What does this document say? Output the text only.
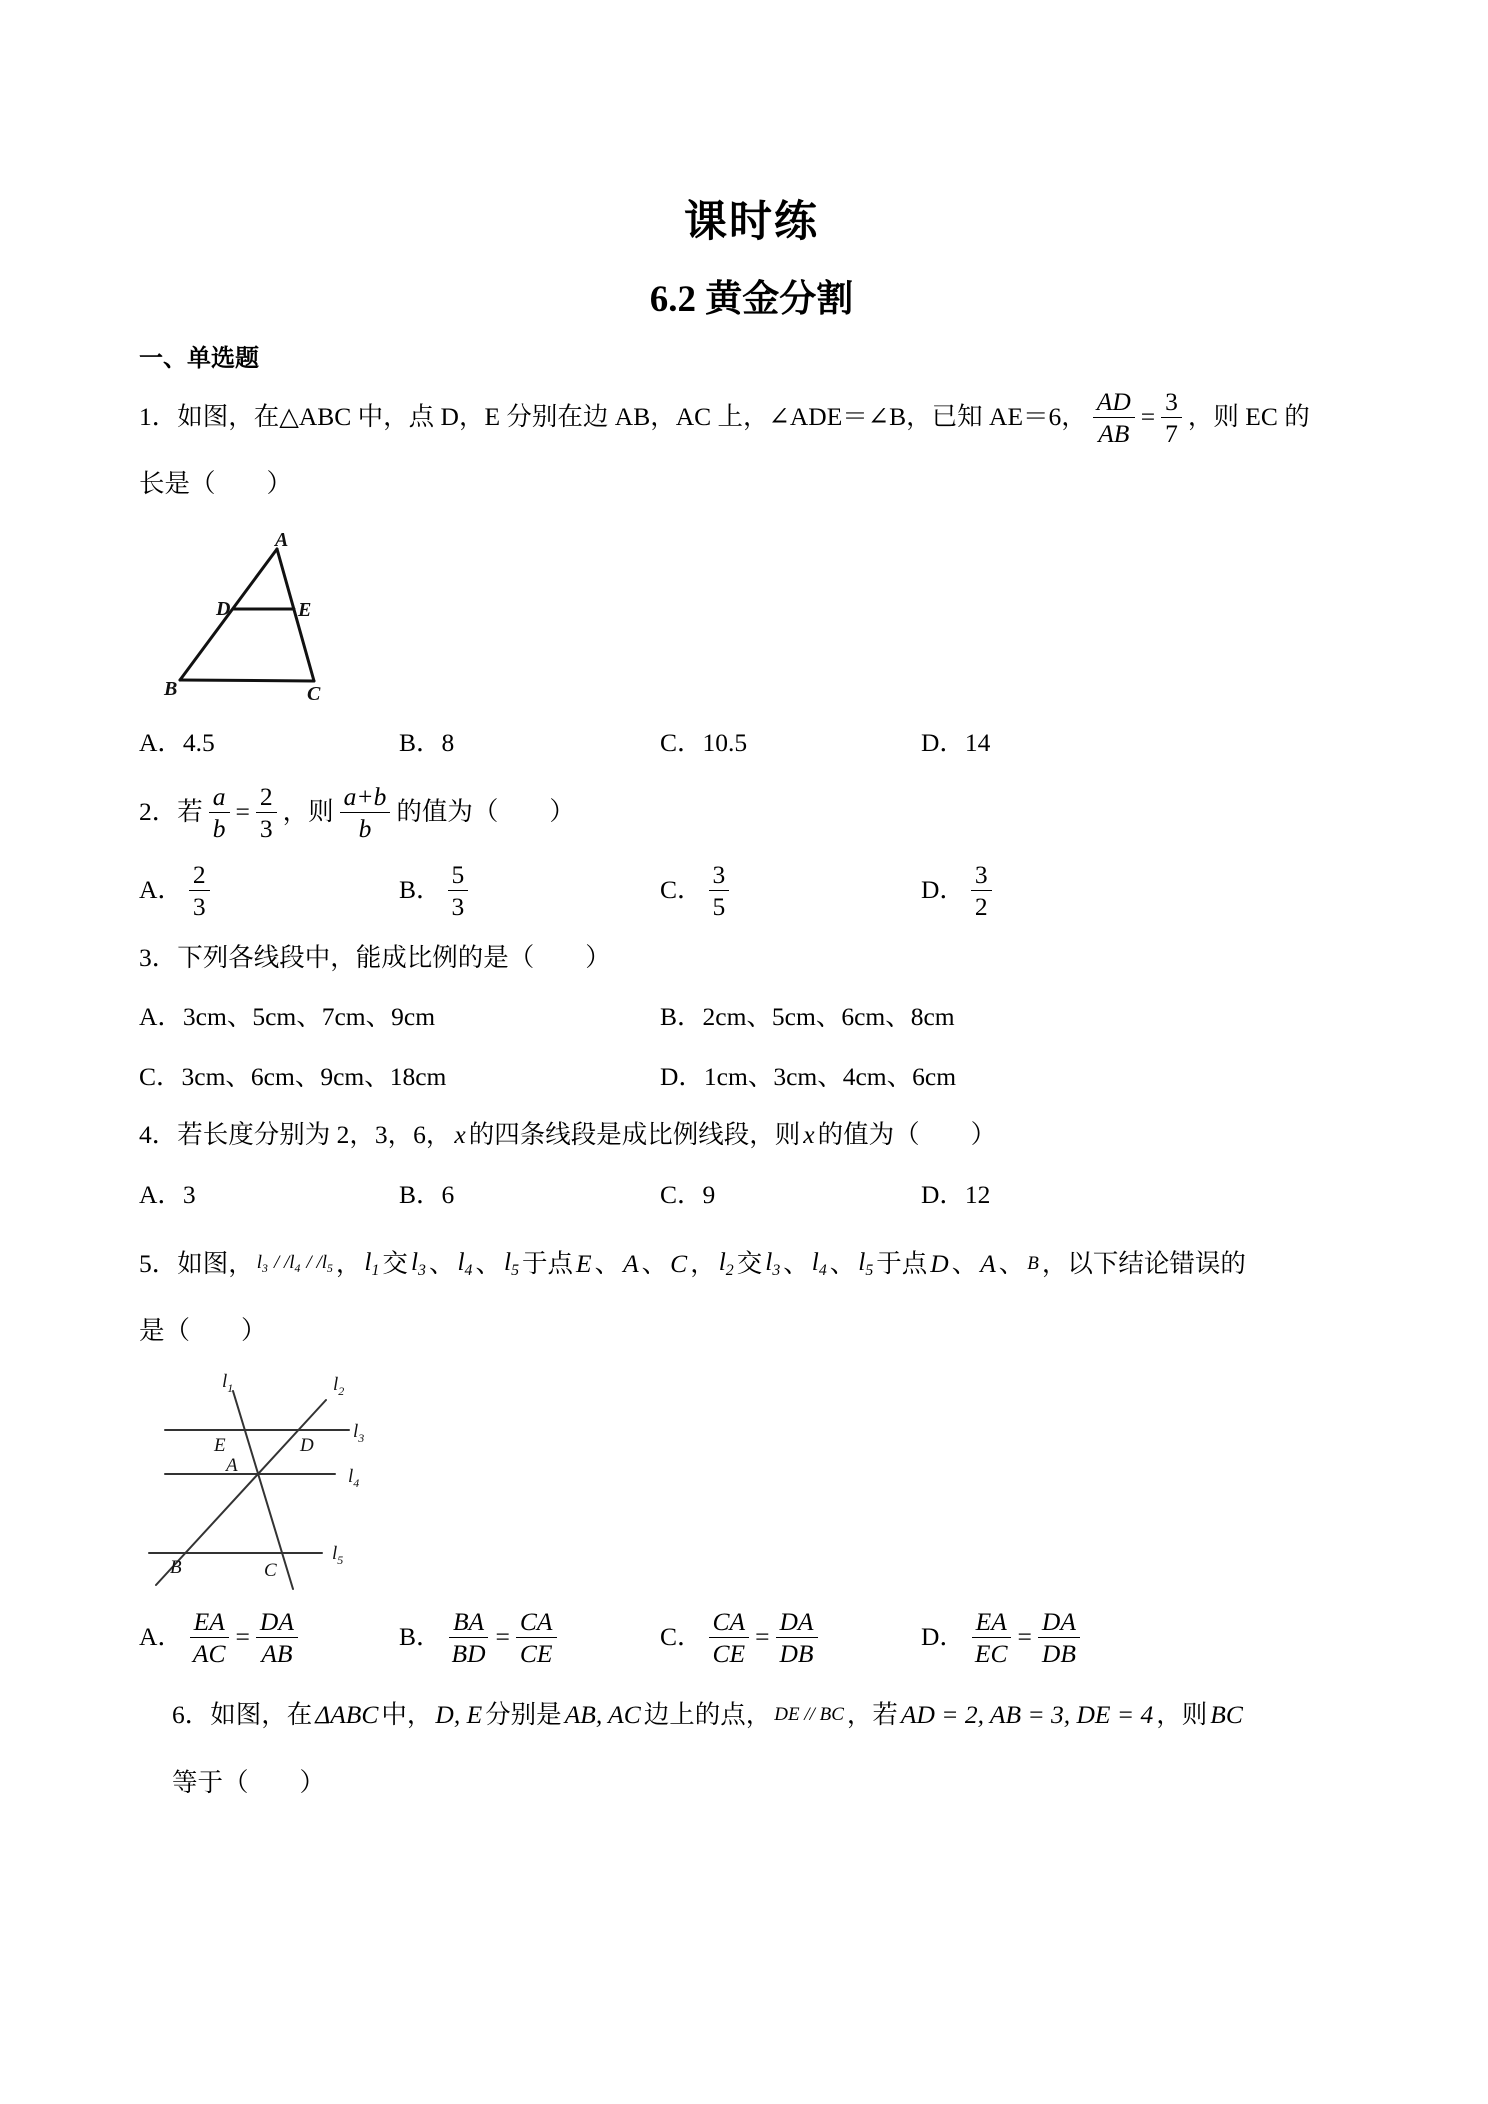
课时练
6.2 黄金分割
一、单选题
1．如图，在△ABC 中，点 D，E 分别在边 AB，AC 上，∠ADE＝∠B，已知 AE＝6， $\frac{AD}{AB} = \frac{3}{7}$ ，则 EC 的
长是（　　）
A
D	E
B	C
A．4.5	B．8	C．10.5	D．14
2．若 $\frac{a}{b} = \frac{2}{3}$ ，则 $\frac{a+b}{b}$ 的值为（　　）
A． $\frac{2}{3}$	B． $\frac{5}{3}$	C． $\frac{3}{5}$	D． $\frac{3}{2}$
3．下列各线段中，能成比例的是（　　）
A．3cm、5cm、7cm、9cm	B．2cm、5cm、6cm、8cm
C．3cm、6cm、9cm、18cm	D．1cm、3cm、4cm、6cm
4．若长度分别为 2，3，6， x 的四条线段是成比例线段，则 x 的值为（　　）
A．3	B．6	C．9	D．12
5．如图， l3 / /l4 / /l5 ， l1 交 l3 、 l4 、 l5 于点 E 、 A 、 C ， l2 交 l3 、 l4 、 l5 于点 D 、 A 、 B ，以下结论错误的
是（　　）
$l_1$	$l_2$
$l_3$
$l_4$
$l_5$
E
A
D
B	C
A． $\frac{EA}{AC} = \frac{DA}{AB}$	B． $\frac{BA}{BD} = \frac{CA}{CE}$	C． $\frac{CA}{CE} = \frac{DA}{DB}$	D． $\frac{EA}{EC} = \frac{DA}{DB}$
6．如图，在 ΔABC 中， D, E 分别是 AB, AC 边上的点， DE // BC ，若 AD = 2, AB = 3, DE = 4 ，则 BC
等于（　　）
